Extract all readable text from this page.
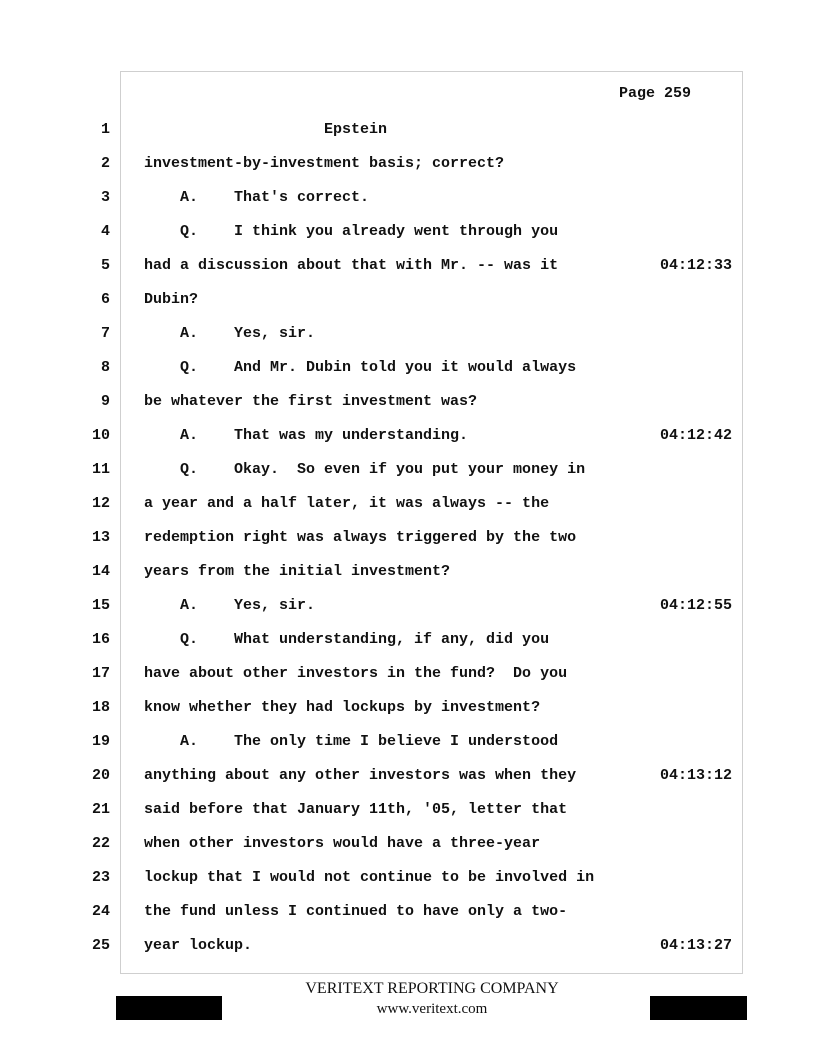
Page 259
1 Epstein
2 investment-by-investment basis; correct?
3 A.    That's correct.
4 Q.    I think you already went through you
5 had a discussion about that with Mr. -- was it	04:12:33
6 Dubin?
7 A.    Yes, sir.
8 Q.    And Mr. Dubin told you it would always
9 be whatever the first investment was?
10 A.    That was my understanding.	04:12:42
11 Q.    Okay.  So even if you put your money in
12 a year and a half later, it was always -- the
13 redemption right was always triggered by the two
14 years from the initial investment?
15 A.    Yes, sir.	04:12:55
16 Q.    What understanding, if any, did you
17 have about other investors in the fund?  Do you
18 know whether they had lockups by investment?
19 A.    The only time I believe I understood
20 anything about any other investors was when they	04:13:12
21 said before that January 11th, '05, letter that
22 when other investors would have a three-year
23 lockup that I would not continue to be involved in
24 the fund unless I continued to have only a two-
25 year lockup.	04:13:27
VERITEXT REPORTING COMPANY
www.veritext.com
